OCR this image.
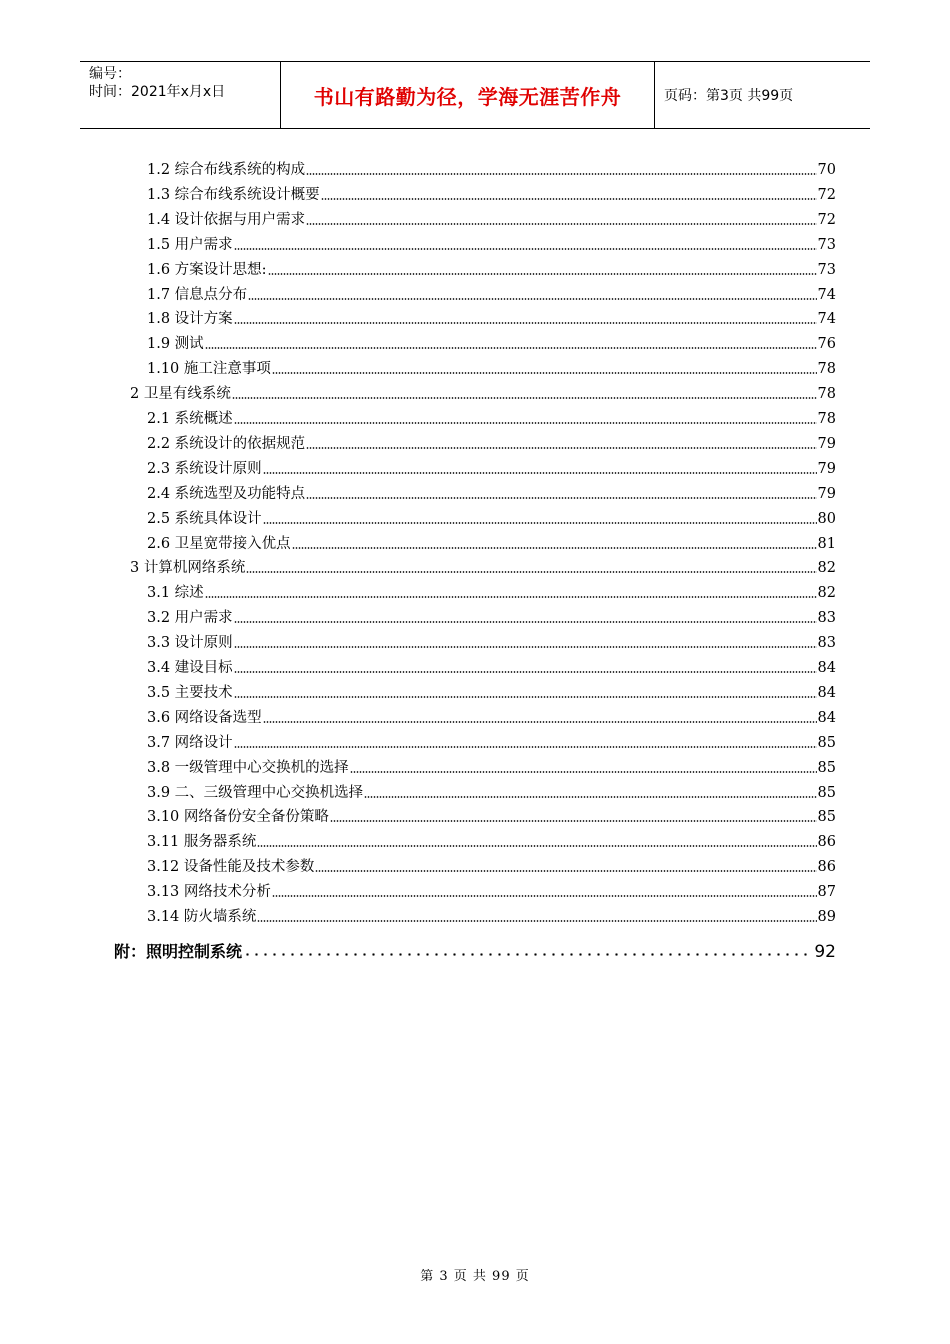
编号：
时间：2021年x月x日	书山有路勤为径，学海无涯苦作舟	页码：第3页 共99页
1.2 综合布线系统的构成	70
1.3 综合布线系统设计概要	72
1.4 设计依据与用户需求	72
1.5 用户需求	73
1.6 方案设计思想:	73
1.7 信息点分布	74
1.8 设计方案	74
1.9 测试	76
1.10 施工注意事项	78
2 卫星有线系统	78
2.1 系统概述	78
2.2 系统设计的依据规范	79
2.3 系统设计原则	79
2.4 系统选型及功能特点	79
2.5 系统具体设计	80
2.6 卫星宽带接入优点	81
3 计算机网络系统	82
3.1 综述	82
3.2 用户需求	83
3.3 设计原则	83
3.4 建设目标	84
3.5 主要技术	84
3.6 网络设备选型	84
3.7 网络设计	85
3.8 一级管理中心交换机的选择	85
3.9 二、三级管理中心交换机选择	85
3.10 网络备份安全备份策略	85
3.11 服务器系统	86
3.12 设备性能及技术参数	86
3.13 网络技术分析	87
3.14 防火墙系统	89
附：照明控制系统	92
第 3 页 共 99 页
